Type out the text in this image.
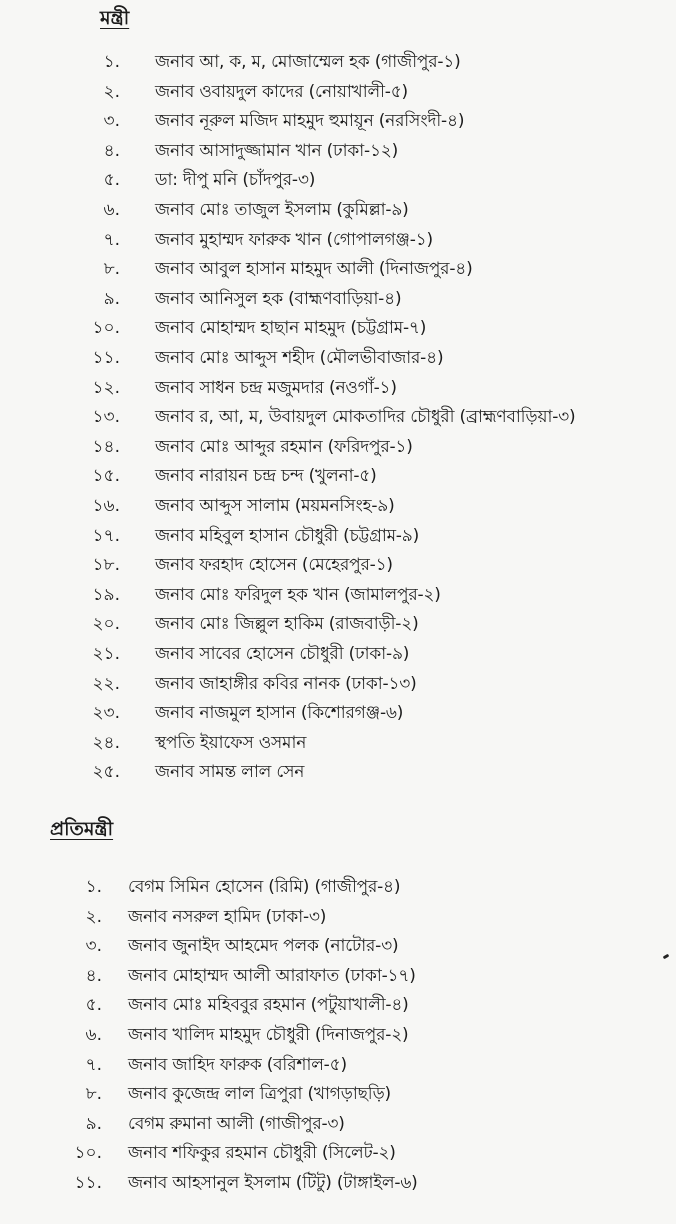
মন্ত্রী
১. জনাব আ, ক, ম, মোজাম্মেল হক (গাজীপুর-১)
২. জনাব ওবায়দুল কাদের (নোয়াখালী-৫)
৩. জনাব নূরুল মজিদ মাহমুদ হুমায়ূন (নরসিংদী-৪)
৪. জনাব আসাদুজ্জামান খান (ঢাকা-১২)
৫. ডা: দীপু মনি (চাঁদপুর-৩)
৬. জনাব মোঃ তাজুল ইসলাম (কুমিল্লা-৯)
৭. জনাব মুহাম্মদ ফারুক খান (গোপালগঞ্জ-১)
৮. জনাব আবুল হাসান মাহমুদ আলী (দিনাজপুর-৪)
৯. জনাব আনিসুল হক (বাহ্মণবাড়িয়া-৪)
১০. জনাব মোহাম্মদ হাছান মাহমুদ (চট্টগ্রাম-৭)
১১. জনাব মোঃ আব্দুস শহীদ (মৌলভীবাজার-৪)
১২. জনাব সাধন চন্দ্র মজুমদার (নওগাঁ-১)
১৩. জনাব র, আ, ম, উবায়দুল মোকতাদির চৌধুরী (ব্রাহ্মণবাড়িয়া-৩)
১৪. জনাব মোঃ আব্দুর রহমান (ফরিদপুর-১)
১৫. জনাব নারায়ন চন্দ্র চন্দ (খুলনা-৫)
১৬. জনাব আব্দুস সালাম (ময়মনসিংহ-৯)
১৭. জনাব মহিবুল হাসান চৌধুরী (চট্টগ্রাম-৯)
১৮. জনাব ফরহাদ হোসেন (মেহেরপুর-১)
১৯. জনাব মোঃ ফরিদুল হক খান (জামালপুর-২)
২০. জনাব মোঃ জিল্লুল হাকিম (রাজবাড়ী-২)
২১. জনাব সাবের হোসেন চৌধুরী (ঢাকা-৯)
২২. জনাব জাহাঙ্গীর কবির নানক (ঢাকা-১৩)
২৩. জনাব নাজমুল হাসান (কিশোরগঞ্জ-৬)
২৪. স্থপতি ইয়াফেস ওসমান
২৫. জনাব সামন্ত লাল সেন
প্রতিমন্ত্রী
১. বেগম সিমিন হোসেন (রিমি) (গাজীপুর-৪)
২. জনাব নসরুল হামিদ (ঢাকা-৩)
৩. জনাব জুনাইদ আহমেদ পলক (নাটোর-৩)
৪. জনাব মোহাম্মদ আলী আরাফাত (ঢাকা-১৭)
৫. জনাব মোঃ মহিববুর রহমান (পটুয়াখালী-৪)
৬. জনাব খালিদ মাহমুদ চৌধুরী (দিনাজপুর-২)
৭. জনাব জাহিদ ফারুক (বরিশাল-৫)
৮. জনাব কুজেন্দ্র লাল ত্রিপুরা (খাগড়াছড়ি)
৯. বেগম রুমানা আলী (গাজীপুর-৩)
১০. জনাব শফিকুর রহমান চৌধুরী (সিলেট-২)
১১. জনাব আহসানুল ইসলাম (টিটু) (টাঙ্গাইল-৬)
